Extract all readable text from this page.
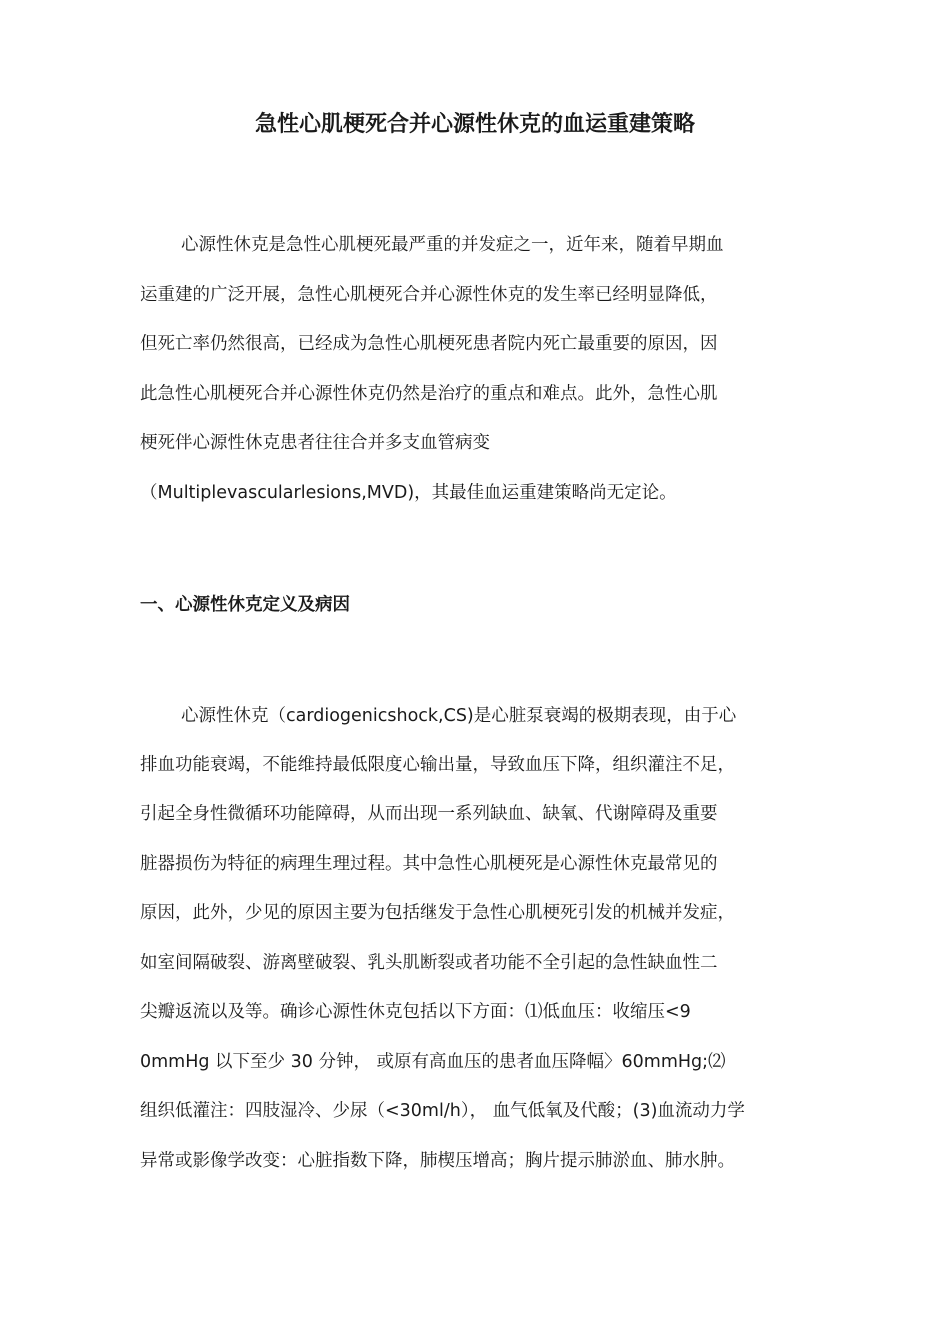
急性心肌梗死合并心源性休克的血运重建策略
心源性休克是急性心肌梗死最严重的并发症之一，近年来，随着早期血
运重建的广泛开展，急性心肌梗死合并心源性休克的发生率已经明显降低，
但死亡率仍然很高，已经成为急性心肌梗死患者院内死亡最重要的原因，因
此急性心肌梗死合并心源性休克仍然是治疗的重点和难点。此外，急性心肌
梗死伴心源性休克患者往往合并多支血管病变
（Multiplevascularlesions,MVD)，其最佳血运重建策略尚无定论。
一、心源性休克定义及病因
心源性休克（cardiogenicshock,CS)是心脏泵衰竭的极期表现，由于心
排血功能衰竭，不能维持最低限度心输出量，导致血压下降，组织灌注不足，
引起全身性微循环功能障碍，从而出现一系列缺血、缺氧、代谢障碍及重要
脏器损伤为特征的病理生理过程。其中急性心肌梗死是心源性休克最常见的
原因，此外，少见的原因主要为包括继发于急性心肌梗死引发的机械并发症，
如室间隔破裂、游离壁破裂、乳头肌断裂或者功能不全引起的急性缺血性二
尖瓣返流以及等。确诊心源性休克包括以下方面：⑴低血压：收缩压<9
0mmHg 以下至少 30 分钟， 或原有高血压的患者血压降幅〉60mmHg;⑵
组织低灌注：四肢湿冷、少尿（<30ml/h）， 血气低氧及代酸；(3)血流动力学
异常或影像学改变：心脏指数下降，肺楔压增高；胸片提示肺淤血、肺水肿。
